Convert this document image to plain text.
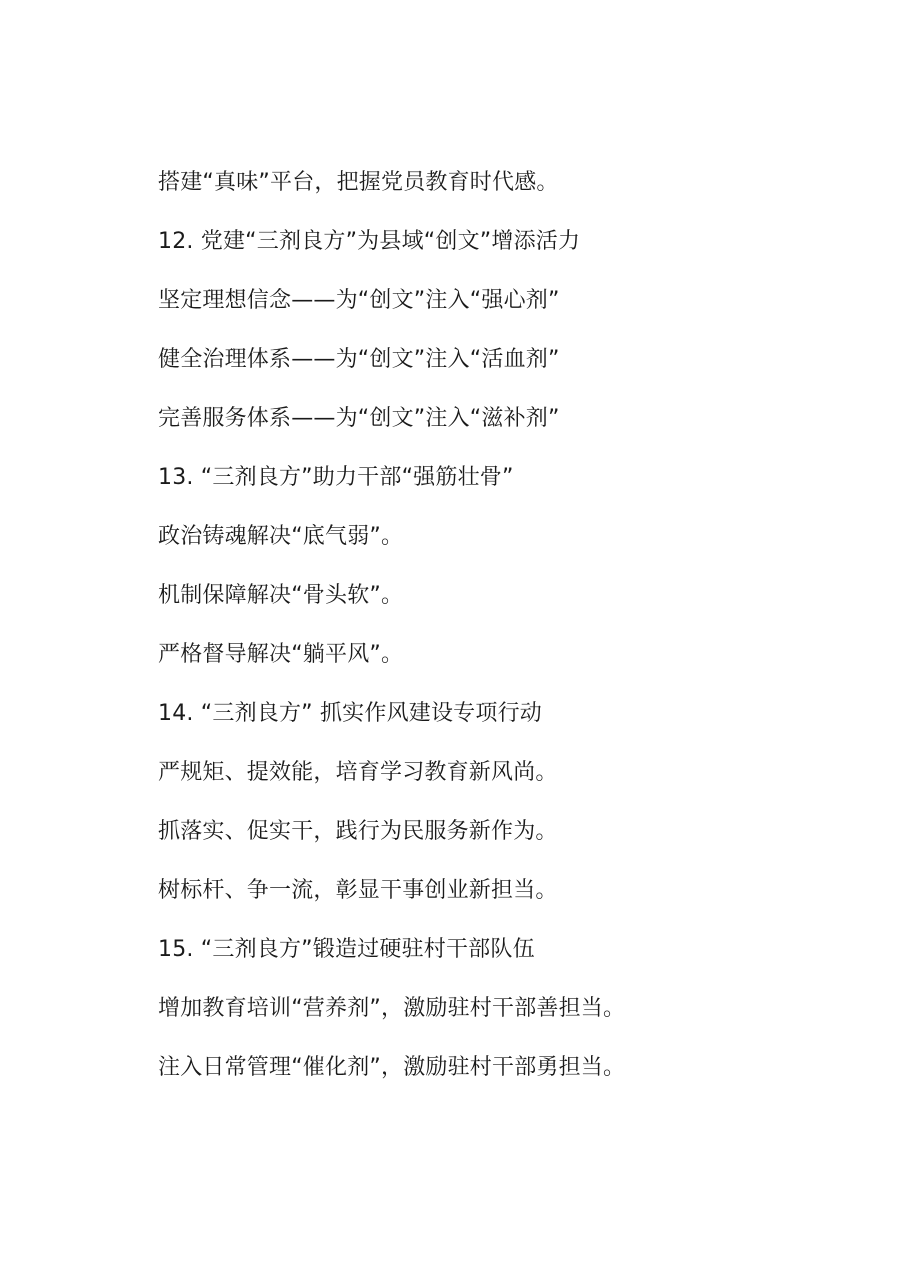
搭建“真味”平台，把握党员教育时代感。

12. 党建“三剂良方”为县域“创文”增添活力

坚定理想信念——为“创文”注入“强心剂”

健全治理体系——为“创文”注入“活血剂”

完善服务体系——为“创文”注入“滋补剂”

13. “三剂良方”助力干部“强筋壮骨”

政治铸魂解决“底气弱”。

机制保障解决“骨头软”。

严格督导解决“躺平风”。

14. “三剂良方” 抓实作风建设专项行动

严规矩、提效能，培育学习教育新风尚。

抓落实、促实干，践行为民服务新作为。

树标杆、争一流，彰显干事创业新担当。

15. “三剂良方”锻造过硬驻村干部队伍

增加教育培训“营养剂”，激励驻村干部善担当。

注入日常管理“催化剂”，激励驻村干部勇担当。
